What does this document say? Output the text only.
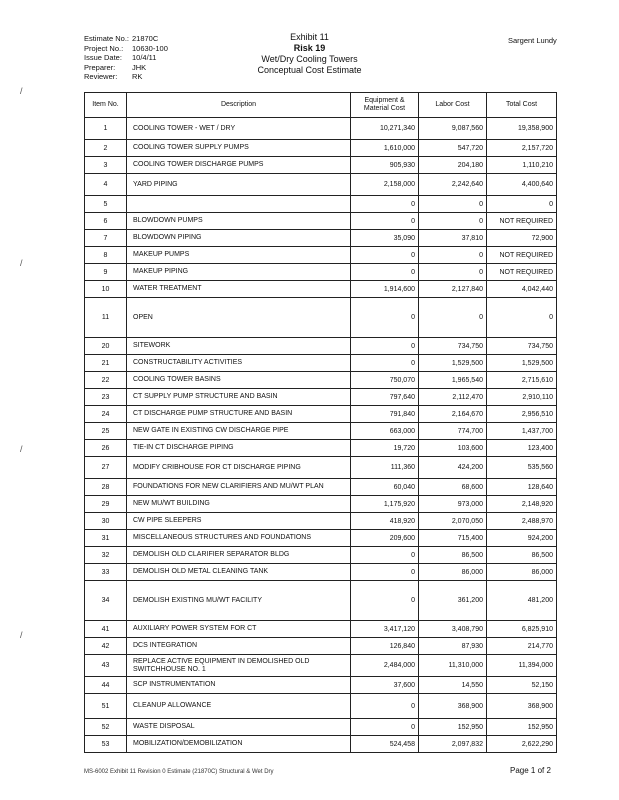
Estimate No.: 21870C
Project No.:	10630-100
Issue Date:	10/4/11
Preparer:	JHK
Reviewer:	RK
Exhibit 11
Risk 19
Wet/Dry Cooling Towers
Conceptual Cost Estimate
Sargent Lundy
/
/
/
/
Item No.	Description	Equipment & Material Cost	Labor Cost	Total Cost
1	COOLING TOWER - WET / DRY	10,271,340	9,087,560	19,358,900
2	COOLING TOWER SUPPLY PUMPS	1,610,000	547,720	2,157,720
3	COOLING TOWER DISCHARGE PUMPS	905,930	204,180	1,110,210
4	YARD PIPING	2,158,000	2,242,640	4,400,640
5		0	0	0
6	BLOWDOWN PUMPS	0	0	NOT REQUIRED
7	BLOWDOWN PIPING	35,090	37,810	72,900
8	MAKEUP PUMPS	0	0	NOT REQUIRED
9	MAKEUP PIPING	0	0	NOT REQUIRED
10	WATER TREATMENT	1,914,600	2,127,840	4,042,440
11	OPEN	0	0	0
20	SITEWORK	0	734,750	734,750
21	CONSTRUCTABILITY ACTIVITIES	0	1,529,500	1,529,500
22	COOLING TOWER BASINS	750,070	1,965,540	2,715,610
23	CT SUPPLY PUMP STRUCTURE AND BASIN	797,640	2,112,470	2,910,110
24	CT DISCHARGE PUMP STRUCTURE AND BASIN	791,840	2,164,670	2,956,510
25	NEW GATE IN EXISTING CW DISCHARGE PIPE	663,000	774,700	1,437,700
26	TIE-IN CT DISCHARGE PIPING	19,720	103,600	123,400
27	MODIFY CRIBHOUSE FOR CT DISCHARGE PIPING	111,360	424,200	535,560
28	FOUNDATIONS FOR NEW CLARIFIERS AND MU/WT PLAN	60,040	68,600	128,640
29	NEW MU/WT BUILDING	1,175,920	973,000	2,148,920
30	CW PIPE SLEEPERS	418,920	2,070,050	2,488,970
31	MISCELLANEOUS STRUCTURES AND FOUNDATIONS	209,600	715,400	924,200
32	DEMOLISH OLD CLARIFIER SEPARATOR BLDG	0	86,500	86,500
33	DEMOLISH OLD METAL CLEANING TANK	0	86,000	86,000
34	DEMOLISH EXISTING MU/WT FACILITY	0	361,200	481,200
41	AUXILIARY POWER SYSTEM FOR CT	3,417,120	3,408,790	6,825,910
42	DCS INTEGRATION	126,840	87,930	214,770
43	REPLACE ACTIVE EQUIPMENT IN DEMOLISHED OLD SWITCHHOUSE NO. 1	2,484,000	11,310,000	11,394,000
44	SCP INSTRUMENTATION	37,600	14,550	52,150
51	CLEANUP ALLOWANCE	0	368,900	368,900
52	WASTE DISPOSAL	0	152,950	152,950
53	MOBILIZATION/DEMOBILIZATION	524,458	2,097,832	2,622,290
MS-6002 Exhibit 11 Revision 0 Estimate (21870C) Structural & Wet Dry	Page 1 of 2
